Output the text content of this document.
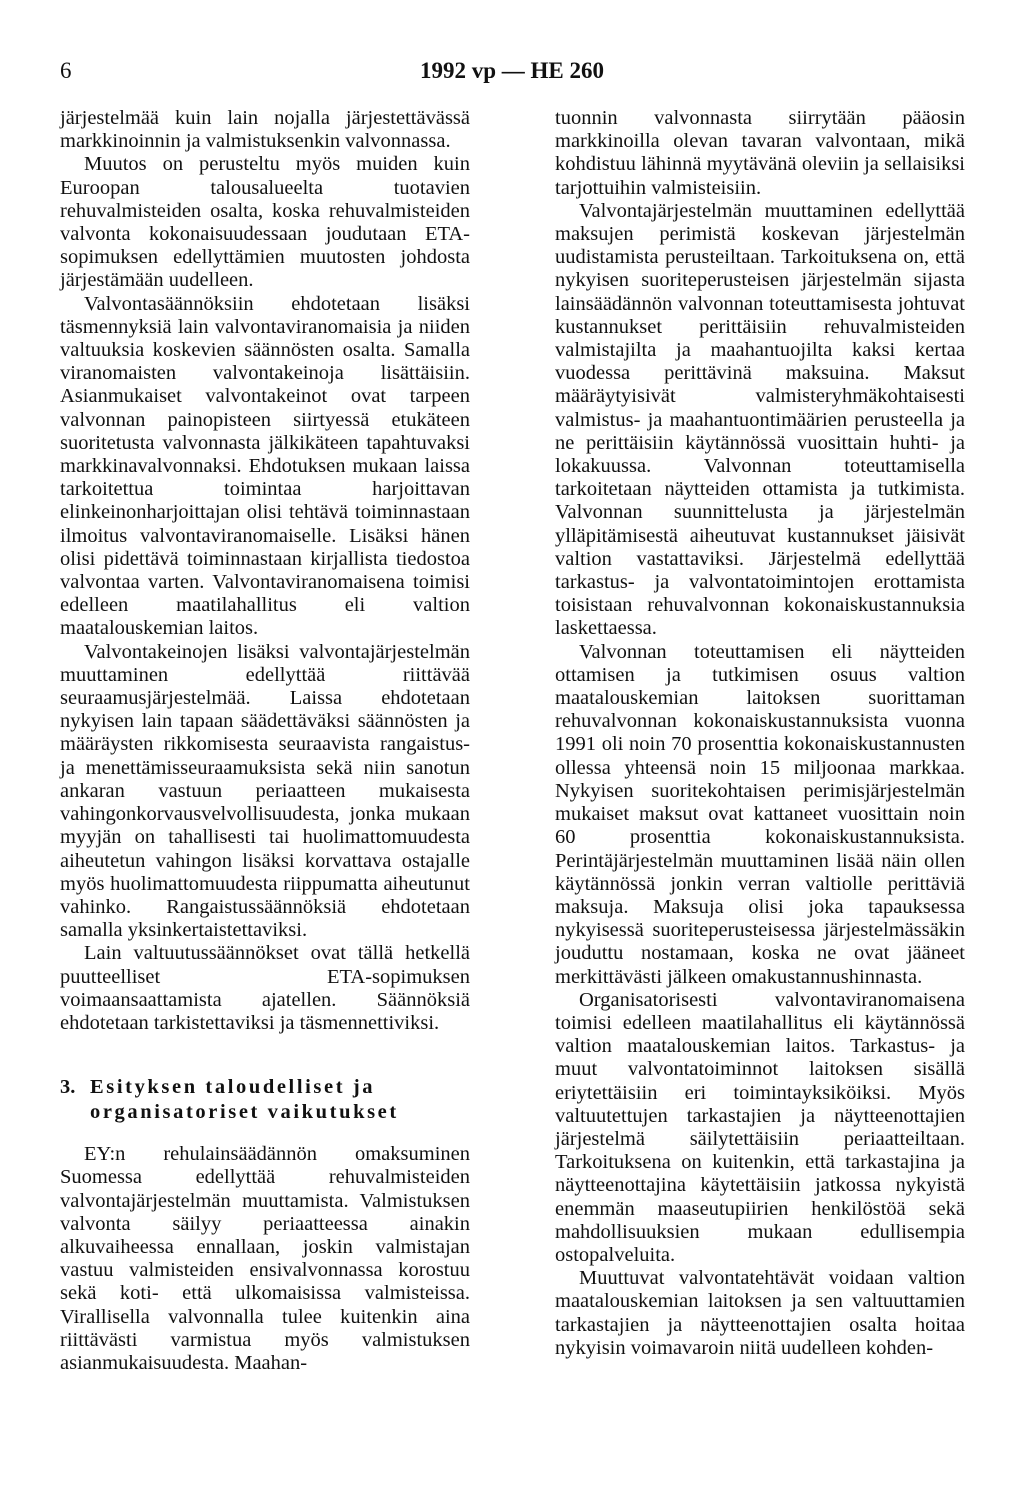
6	1992 vp — HE 260

järjestelmää kuin lain nojalla järjestettävässä markkinoinnin ja valmistuksenkin valvonnassa.

Muutos on perusteltu myös muiden kuin Euroopan talousalueelta tuotavien rehuvalmisteiden osalta, koska rehuvalmisteiden valvonta kokonaisuudessaan joudutaan ETA-sopimuksen edellyttämien muutosten johdosta järjestämään uudelleen.

Valvontasäännöksiin ehdotetaan lisäksi täsmennyksiä lain valvontaviranomaisia ja niiden valtuuksia koskevien säännösten osalta. Samalla viranomaisten valvontakeinoja lisättäisiin. Asianmukaiset valvontakeinot ovat tarpeen valvonnan painopisteen siirtyessä etukäteen suoritetusta valvonnasta jälkikäteen tapahtuvaksi markkinavalvonnaksi. Ehdotuksen mukaan laissa tarkoitettua toimintaa harjoittavan elinkeinonharjoittajan olisi tehtävä toiminnastaan ilmoitus valvontaviranomaiselle. Lisäksi hänen olisi pidettävä toiminnastaan kirjallista tiedostoa valvontaa varten. Valvontaviranomaisena toimisi edelleen maatilahallitus eli valtion maatalouskemian laitos.

Valvontakeinojen lisäksi valvontajärjestelmän muuttaminen edellyttää riittävää seuraamusjärjestelmää. Laissa ehdotetaan nykyisen lain tapaan säädettäväksi säännösten ja määräysten rikkomisesta seuraavista rangaistus- ja menettämisseuraamuksista sekä niin sanotun ankaran vastuun periaatteen mukaisesta vahingonkorvausvelvollisuudesta, jonka mukaan myyjän on tahallisesti tai huolimattomuudesta aiheutetun vahingon lisäksi korvattava ostajalle myös huolimattomuudesta riippumatta aiheutunut vahinko. Rangaistussäännöksiä ehdotetaan samalla yksinkertaistettaviksi.

Lain valtuutussäännökset ovat tällä hetkellä puutteelliset ETA-sopimuksen voimaansaattamista ajatellen. Säännöksiä ehdotetaan tarkistettaviksi ja täsmennettiviksi.

3. Esityksen taloudelliset ja organisatoriset vaikutukset

EY:n rehulainsäädännön omaksuminen Suomessa edellyttää rehuvalmisteiden valvontajärjestelmän muuttamista. Valmistuksen valvonta säilyy periaatteessa ainakin alkuvaiheessa ennallaan, joskin valmistajan vastuu valmisteiden ensivalvonnassa korostuu sekä koti- että ulkomaisissa valmisteissa. Virallisella valvonnalla tulee kuitenkin aina riittävästi varmistua myös valmistuksen asianmukaisuudesta. Maahan-

tuonnin valvonnasta siirrytään pääosin markkinoilla olevan tavaran valvontaan, mikä kohdistuu lähinnä myytävänä oleviin ja sellaisiksi tarjottuihin valmisteisiin.

Valvontajärjestelmän muuttaminen edellyttää maksujen perimistä koskevan järjestelmän uudistamista perusteiltaan. Tarkoituksena on, että nykyisen suoriteperusteisen järjestelmän sijasta lainsäädännön valvonnan toteuttamisesta johtuvat kustannukset perittäisiin rehuvalmisteiden valmistajilta ja maahantuojilta kaksi kertaa vuodessa perittävinä maksuina. Maksut määräytyisivät valmisteryhmäkohtaisesti valmistus- ja maahantuontimäärien perusteella ja ne perittäisiin käytännössä vuosittain huhti- ja lokakuussa. Valvonnan toteuttamisella tarkoitetaan näytteiden ottamista ja tutkimista. Valvonnan suunnittelusta ja järjestelmän ylläpitämisestä aiheutuvat kustannukset jäisivät valtion vastattaviksi. Järjestelmä edellyttää tarkastus- ja valvontatoimintojen erottamista toisistaan rehuvalvonnan kokonaiskustannuksia laskettaessa.

Valvonnan toteuttamisen eli näytteiden ottamisen ja tutkimisen osuus valtion maatalouskemian laitoksen suorittaman rehuvalvonnan kokonaiskustannuksista vuonna 1991 oli noin 70 prosenttia kokonaiskustannusten ollessa yhteensä noin 15 miljoonaa markkaa. Nykyisen suoritekohtaisen perimisjärjestelmän mukaiset maksut ovat kattaneet vuosittain noin 60 prosenttia kokonaiskustannuksista. Perintäjärjestelmän muuttaminen lisää näin ollen käytännössä jonkin verran valtiolle perittäviä maksuja. Maksuja olisi joka tapauksessa nykyisessä suoriteperusteisessa järjestelmässäkin jouduttu nostamaan, koska ne ovat jääneet merkittävästi jälkeen omakustannushinnasta.

Organisatorisesti valvontaviranomaisena toimisi edelleen maatilahallitus eli käytännössä valtion maatalouskemian laitos. Tarkastus- ja muut valvontatoiminnot laitoksen sisällä eriytettäisiin eri toimintayksiköiksi. Myös valtuutettujen tarkastajien ja näytteenottajien järjestelmä säilytettäisiin periaatteiltaan. Tarkoituksena on kuitenkin, että tarkastajina ja näytteenottajina käytettäisiin jatkossa nykyistä enemmän maaseutupiirien henkilöstöä sekä mahdollisuuksien mukaan edullisempia ostopalveluita.

Muuttuvat valvontatehtävät voidaan valtion maatalouskemian laitoksen ja sen valtuuttamien tarkastajien ja näytteenottajien osalta hoitaa nykyisin voimavaroin niitä uudelleen kohden-
